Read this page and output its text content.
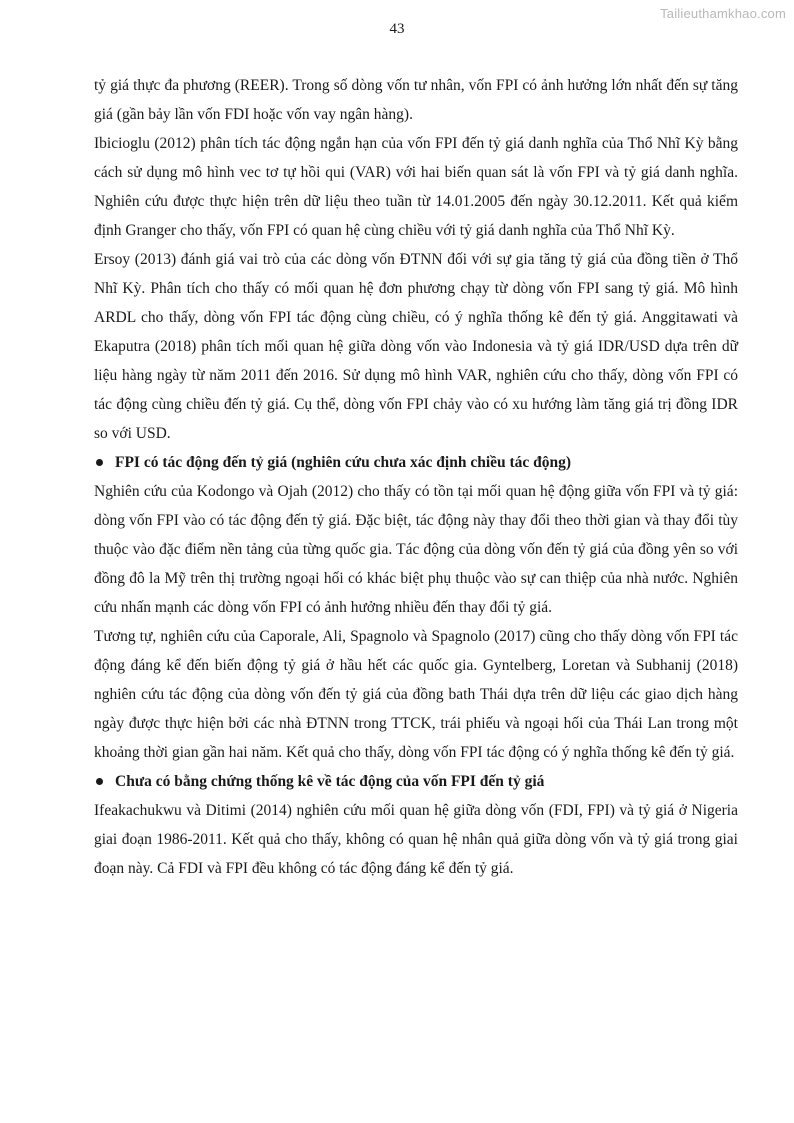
Tailieuthamkhao.com
43

tỷ giá thực đa phương (REER). Trong số dòng vốn tư nhân, vốn FPI có ảnh hưởng lớn nhất đến sự tăng giá (gần bảy lần vốn FDI hoặc vốn vay ngân hàng).

Ibicioglu (2012) phân tích tác động ngắn hạn của vốn FPI đến tỷ giá danh nghĩa của Thổ Nhĩ Kỳ bằng cách sử dụng mô hình vec tơ tự hồi qui (VAR) với hai biến quan sát là vốn FPI và tỷ giá danh nghĩa. Nghiên cứu được thực hiện trên dữ liệu theo tuần từ 14.01.2005 đến ngày 30.12.2011. Kết quả kiểm định Granger cho thấy, vốn FPI có quan hệ cùng chiều với tỷ giá danh nghĩa của Thổ Nhĩ Kỳ.

Ersoy (2013) đánh giá vai trò của các dòng vốn ĐTNN đối với sự gia tăng tỷ giá của đồng tiền ở Thổ Nhĩ Kỳ. Phân tích cho thấy có mối quan hệ đơn phương chạy từ dòng vốn FPI sang tỷ giá. Mô hình ARDL cho thấy, dòng vốn FPI tác động cùng chiều, có ý nghĩa thống kê đến tỷ giá. Anggitawati và Ekaputra (2018) phân tích mối quan hệ giữa dòng vốn vào Indonesia và tỷ giá IDR/USD dựa trên dữ liệu hàng ngày từ năm 2011 đến 2016. Sử dụng mô hình VAR, nghiên cứu cho thấy, dòng vốn FPI có tác động cùng chiều đến tỷ giá. Cụ thể, dòng vốn FPI chảy vào có xu hướng làm tăng giá trị đồng IDR so với USD.

FPI có tác động đến tỷ giá (nghiên cứu chưa xác định chiều tác động)

Nghiên cứu của Kodongo và Ojah (2012) cho thấy có tồn tại mối quan hệ động giữa vốn FPI và tỷ giá: dòng vốn FPI vào có tác động đến tỷ giá. Đặc biệt, tác động này thay đổi theo thời gian và thay đổi tùy thuộc vào đặc điểm nền tảng của từng quốc gia. Tác động của dòng vốn đến tỷ giá của đồng yên so với đồng đô la Mỹ trên thị trường ngoại hối có khác biệt phụ thuộc vào sự can thiệp của nhà nước. Nghiên cứu nhấn mạnh các dòng vốn FPI có ảnh hưởng nhiều đến thay đổi tỷ giá.

Tương tự, nghiên cứu của Caporale, Ali, Spagnolo và Spagnolo (2017) cũng cho thấy dòng vốn FPI tác động đáng kể đến biến động tỷ giá ở hầu hết các quốc gia. Gyntelberg, Loretan và Subhanij (2018) nghiên cứu tác động của dòng vốn đến tỷ giá của đồng bath Thái dựa trên dữ liệu các giao dịch hàng ngày được thực hiện bởi các nhà ĐTNN trong TTCK, trái phiếu và ngoại hối của Thái Lan trong một khoảng thời gian gần hai năm. Kết quả cho thấy, dòng vốn FPI tác động có ý nghĩa thống kê đến tỷ giá.

Chưa có bằng chứng thống kê về tác động của vốn FPI đến tỷ giá

Ifeakachukwu và Ditimi (2014) nghiên cứu mối quan hệ giữa dòng vốn (FDI, FPI) và tỷ giá ở Nigeria giai đoạn 1986-2011. Kết quả cho thấy, không có quan hệ nhân quả giữa dòng vốn và tỷ giá trong giai đoạn này. Cả FDI và FPI đều không có tác động đáng kể đến tỷ giá.
